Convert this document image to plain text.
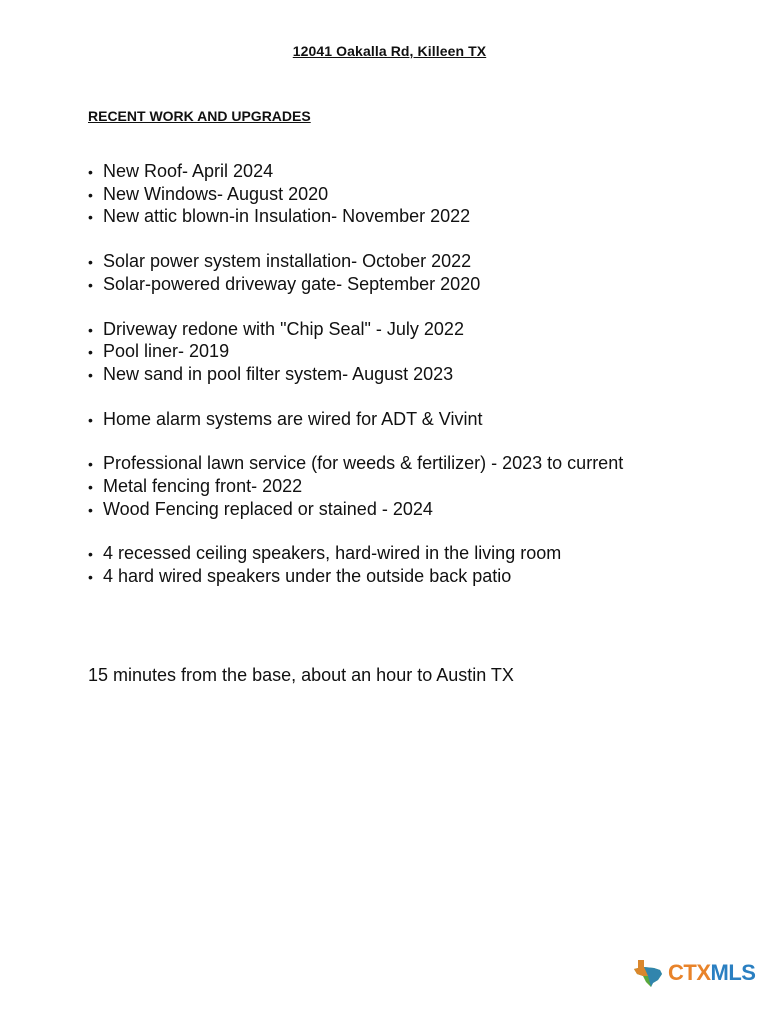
12041 Oakalla Rd, Killeen TX
RECENT WORK AND UPGRADES
• New Roof- April 2024
• New Windows- August 2020
• New attic blown-in Insulation- November 2022
• Solar power system installation- October 2022
• Solar-powered driveway gate- September 2020
• Driveway redone with "Chip Seal" - July 2022
• Pool liner- 2019
• New sand in pool filter system- August 2023
• Home alarm systems are wired for ADT & Vivint
• Professional lawn service (for weeds & fertilizer) - 2023 to current
• Metal fencing front- 2022
• Wood Fencing replaced or stained - 2024
• 4 recessed ceiling speakers, hard-wired in the living room
• 4 hard wired speakers under the outside back patio
15 minutes from the base, about an hour to Austin TX
CTXMLS
